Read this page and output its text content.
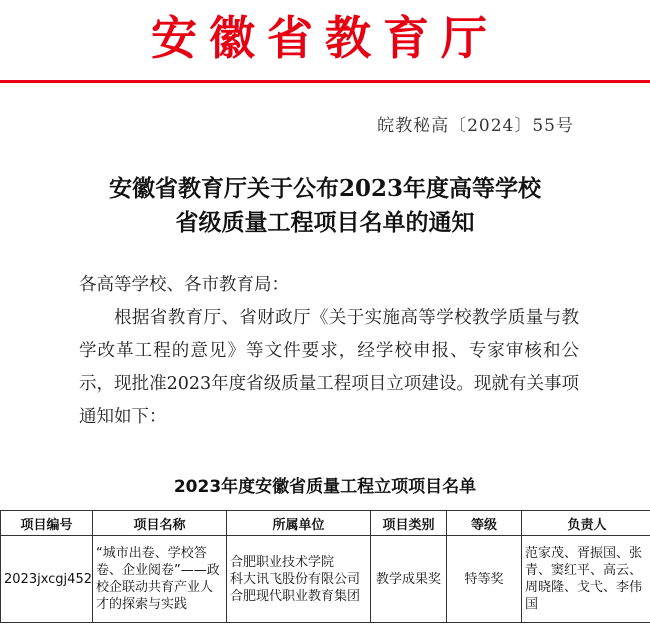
安徽省教育厅
皖教秘高〔2024〕55号
安徽省教育厅关于公布2023年度高等学校
省级质量工程项目名单的通知
各高等学校、各市教育局：
根据省教育厅、省财政厅《关于实施高等学校教学质量与教学改革工程的意见》等文件要求，经学校申报、专家审核和公示，现批准2023年度省级质量工程项目立项建设。现就有关事项通知如下：
2023年度安徽省质量工程立项项目名单
项目编号	项目名称	所属单位	项目类别	等级	负责人
2023jxcgj452	“城市出卷、学校答卷、企业阅卷”——政校企联动共育产业人才的探索与实践	合肥职业技术学院
科大讯飞股份有限公司
合肥现代职业教育集团	教学成果奖	特等奖	范家茂、胥振国、张青、窦红平、高云、周晓隆、戈弋、李伟国
